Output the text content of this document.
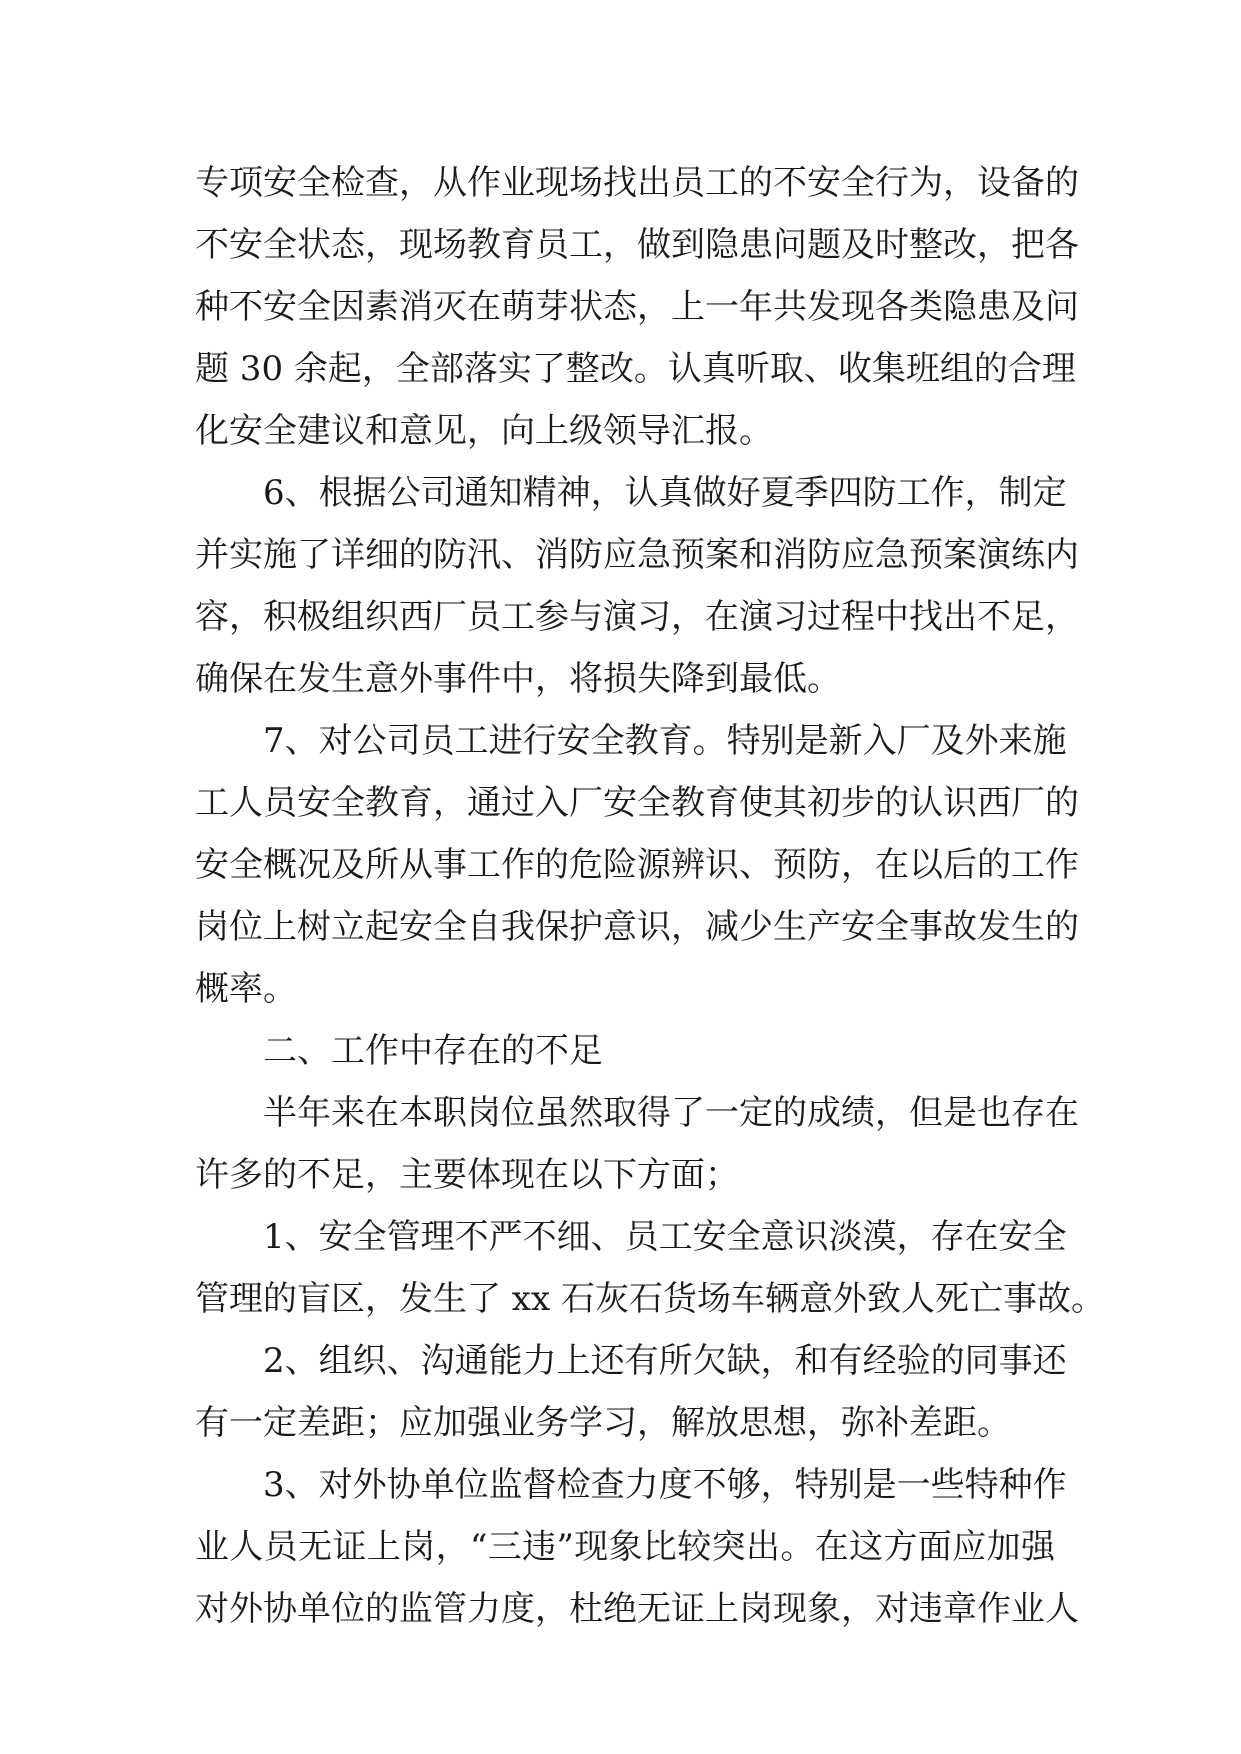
专项安全检查，从作业现场找出员工的不安全行为，设备的
不安全状态，现场教育员工，做到隐患问题及时整改，把各
种不安全因素消灭在萌芽状态，上一年共发现各类隐患及问
题 30 余起，全部落实了整改。认真听取、收集班组的合理
化安全建议和意见，向上级领导汇报。
6、根据公司通知精神，认真做好夏季四防工作，制定
并实施了详细的防汛、消防应急预案和消防应急预案演练内
容，积极组织西厂员工参与演习，在演习过程中找出不足，
确保在发生意外事件中，将损失降到最低。
7、对公司员工进行安全教育。特别是新入厂及外来施
工人员安全教育，通过入厂安全教育使其初步的认识西厂的
安全概况及所从事工作的危险源辨识、预防，在以后的工作
岗位上树立起安全自我保护意识，减少生产安全事故发生的
概率。
二、工作中存在的不足
半年来在本职岗位虽然取得了一定的成绩，但是也存在
许多的不足，主要体现在以下方面；
1、安全管理不严不细、员工安全意识淡漠，存在安全
管理的盲区，发生了 xx 石灰石货场车辆意外致人死亡事故。
2、组织、沟通能力上还有所欠缺，和有经验的同事还
有一定差距；应加强业务学习，解放思想，弥补差距。
3、对外协单位监督检查力度不够，特别是一些特种作
业人员无证上岗，“三违”现象比较突出。在这方面应加强
对外协单位的监管力度，杜绝无证上岗现象，对违章作业人
